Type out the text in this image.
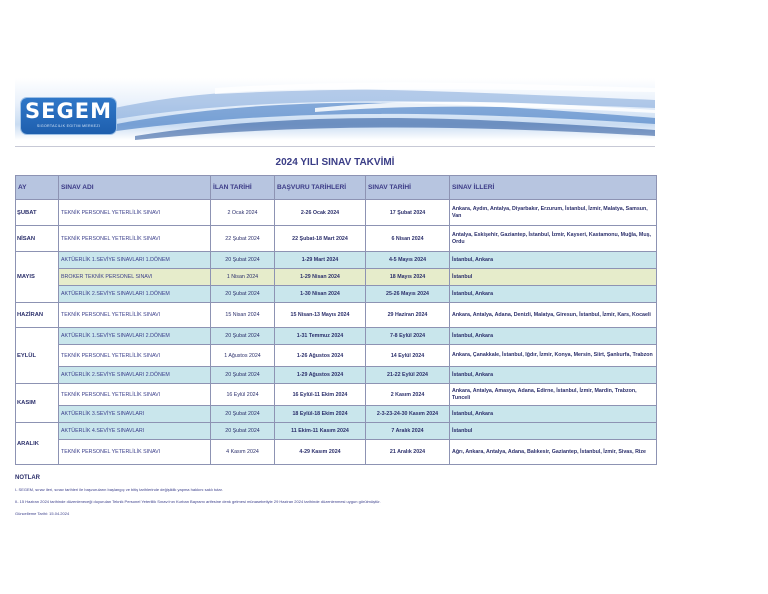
SEGEM
SIGORTACILIK EGITIM MERKEZI
2024 YILI SINAV TAKVİMİ
AY	SINAV ADI	İLAN TARİHİ	BAŞVURU TARİHLERİ	SINAV TARİHİ	SINAV İLLERİ
ŞUBAT	TEKNİK PERSONEL YETERLİLİK SINAVI	2 Ocak 2024	2-26 Ocak 2024	17 Şubat 2024	Ankara, Aydın, Antalya, Diyarbakır, Erzurum, İstanbul, İzmir, Malatya, Samsun, Van
NİSAN	TEKNİK PERSONEL YETERLİLİK SINAVI	22 Şubat 2024	22 Şubat-18 Mart 2024	6 Nisan 2024	Antalya, Eskişehir, Gaziantep, İstanbul, İzmir, Kayseri, Kastamonu, Muğla, Muş, Ordu
MAYIS	AKTÜERLİK 1.SEVİYE SINAVLARI 1.DÖNEM	20 Şubat 2024	1-29 Mart 2024	4-5 Mayıs 2024	İstanbul, Ankara
	BROKER TEKNİK PERSONEL SINAVI	1 Nisan 2024	1-29 Nisan 2024	18 Mayıs 2024	İstanbul
	AKTÜERLİK 2.SEVİYE SINAVLARI 1.DÖNEM	20 Şubat 2024	1-30 Nisan 2024	25-26 Mayıs 2024	İstanbul, Ankara
HAZİRAN	TEKNİK PERSONEL YETERLİLİK SINAVI	15 Nisan 2024	15 Nisan-13 Mayıs 2024	29 Haziran 2024	Ankara, Antalya, Adana, Denizli, Malatya, Giresun, İstanbul, İzmir, Kars, Kocaeli
EYLÜL	AKTÜERLİK 1.SEVİYE SINAVLARI 2.DÖNEM	20 Şubat 2024	1-31 Temmuz 2024	7-8 Eylül 2024	İstanbul, Ankara
	TEKNİK PERSONEL YETERLİLİK SINAVI	1 Ağustos 2024	1-26 Ağustos 2024	14 Eylül 2024	Ankara, Çanakkale, İstanbul, Iğdır, İzmir, Konya, Mersin, Siirt, Şanlıurfa, Trabzon
	AKTÜERLİK 2.SEVİYE SINAVLARI 2.DÖNEM	20 Şubat 2024	1-29 Ağustos 2024	21-22 Eylül 2024	İstanbul, Ankara
KASIM	TEKNİK PERSONEL YETERLİLİK SINAVI	16 Eylül 2024	16 Eylül-11 Ekim 2024	2 Kasım 2024	Ankara, Antalya, Amasya, Adana, Edirne, İstanbul, İzmir, Mardin, Trabzon, Tunceli
	AKTÜERLİK 3.SEVİYE SINAVLARI	20 Şubat 2024	18 Eylül-18 Ekim 2024	2-3-23-24-30 Kasım 2024	İstanbul, Ankara
ARALIK	AKTÜERLİK 4.SEVİYE SINAVLARI	20 Şubat 2024	11 Ekim-11 Kasım 2024	7 Aralık 2024	İstanbul
	TEKNİK PERSONEL YETERLİLİK SINAVI	4 Kasım 2024	4-29 Kasım 2024	21 Aralık 2024	Ağrı, Ankara, Antalya, Adana, Balıkesir, Gaziantep, İstanbul, İzmir, Sivas, Rize
NOTLAR
I- SEGEM, sınav ileri, sınav tarihleri ile başvuruların başlangıç ve bitiş tarihlerinde değişiklik yapma hakkını saklı tutar.
II- 15 Haziran 2024 tarihinde düzenleneceği duyurulan Teknik Personel Yeterlilik Sınavı'nın Kurban Bayramı arifesine denk gelmesi münasebetiyle 29 Haziran 2024 tarihinde düzenlenmesi uygun görülmüştür.
Güncelleme Tarihi: 15.04.2024
